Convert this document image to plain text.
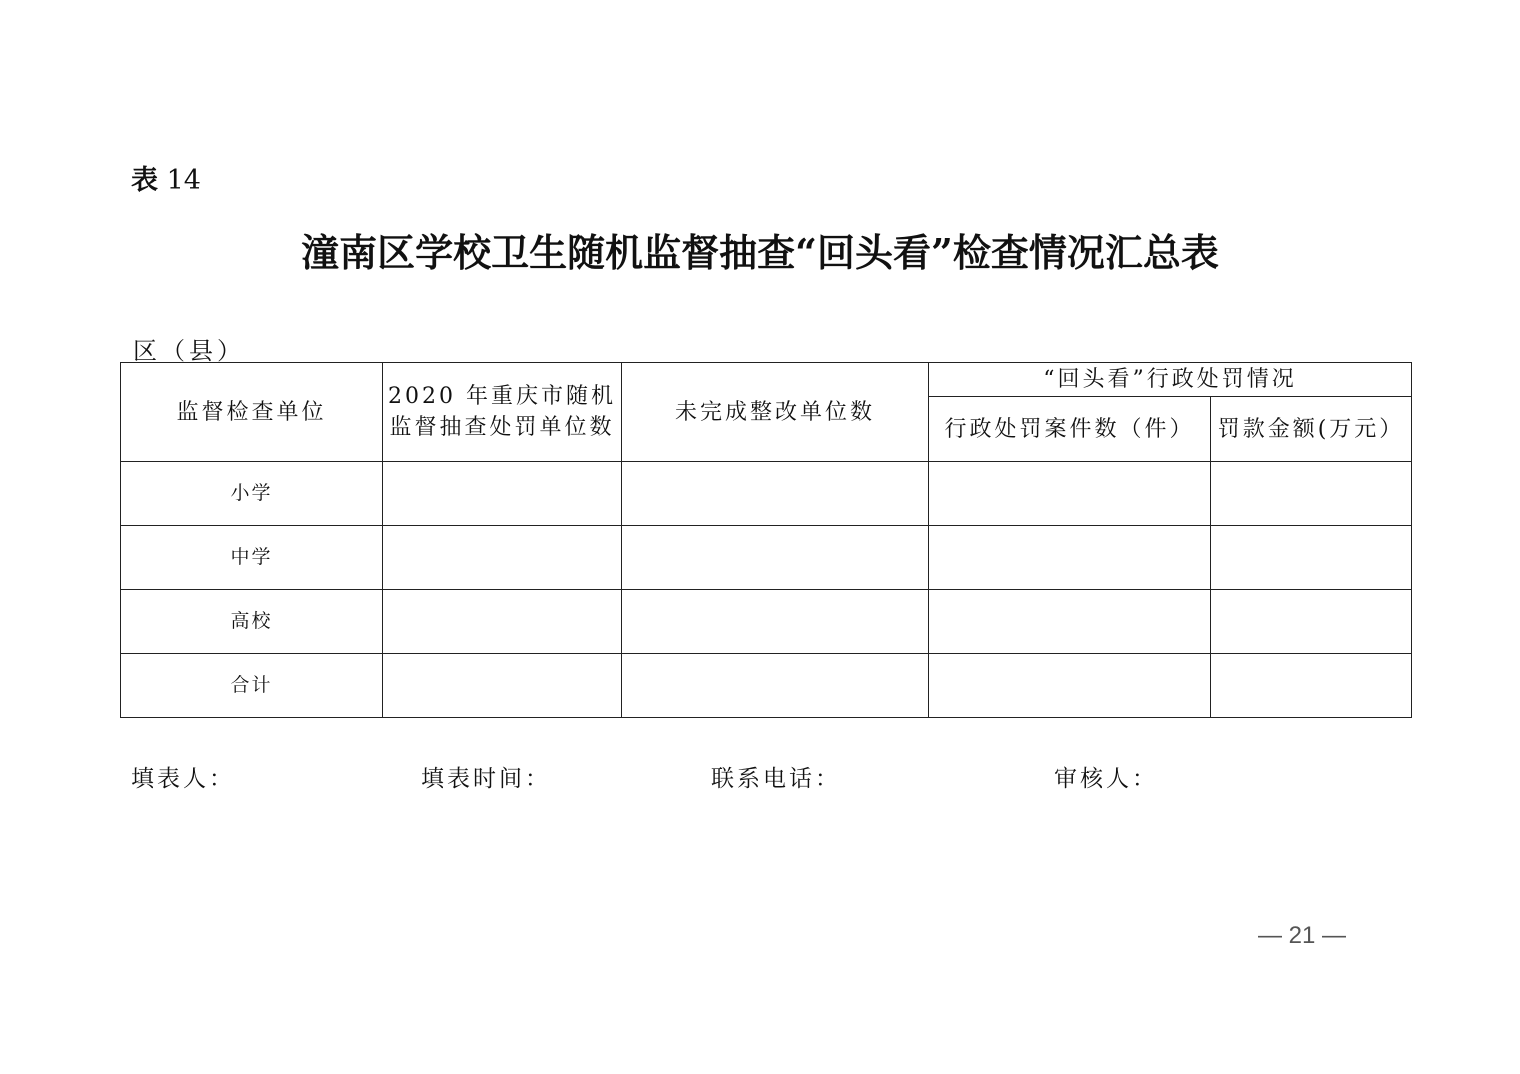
表 14
潼南区学校卫生随机监督抽查“回头看”检查情况汇总表
区（县）
监督检查单位	2020 年重庆市随机监督抽查处罚单位数	未完成整改单位数	“回头看”行政处罚情况	
			行政处罚案件数（件）	罚款金额(万元）
小学				
中学				
高校				
合计				
填表人：	填表时间：	联系电话：	审核人：
— 21 —
